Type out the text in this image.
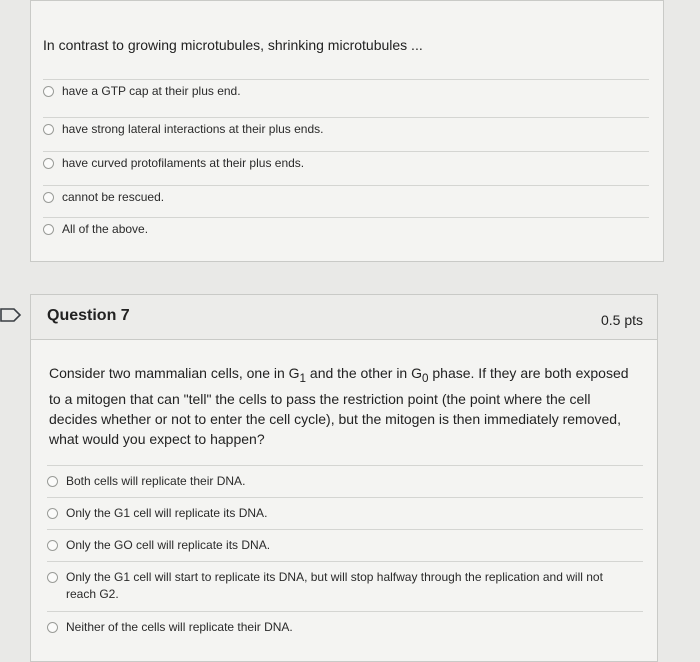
In contrast to growing microtubules, shrinking microtubules ...
have a GTP cap at their plus end.
have strong lateral interactions at their plus ends.
have curved protofilaments at their plus ends.
cannot be rescued.
All of the above.
Question 7	0.5 pts
Consider two mammalian cells, one in $G_1$ and the other in $G_0$ phase. If they are both exposed to a mitogen that can "tell" the cells to pass the restriction point (the point where the cell decides whether or not to enter the cell cycle), but the mitogen is then immediately removed, what would you expect to happen?
Both cells will replicate their DNA.
Only the G1 cell will replicate its DNA.
Only the GO cell will replicate its DNA.
Only the G1 cell will start to replicate its DNA, but will stop halfway through the replication and will not reach G2.
Neither of the cells will replicate their DNA.
